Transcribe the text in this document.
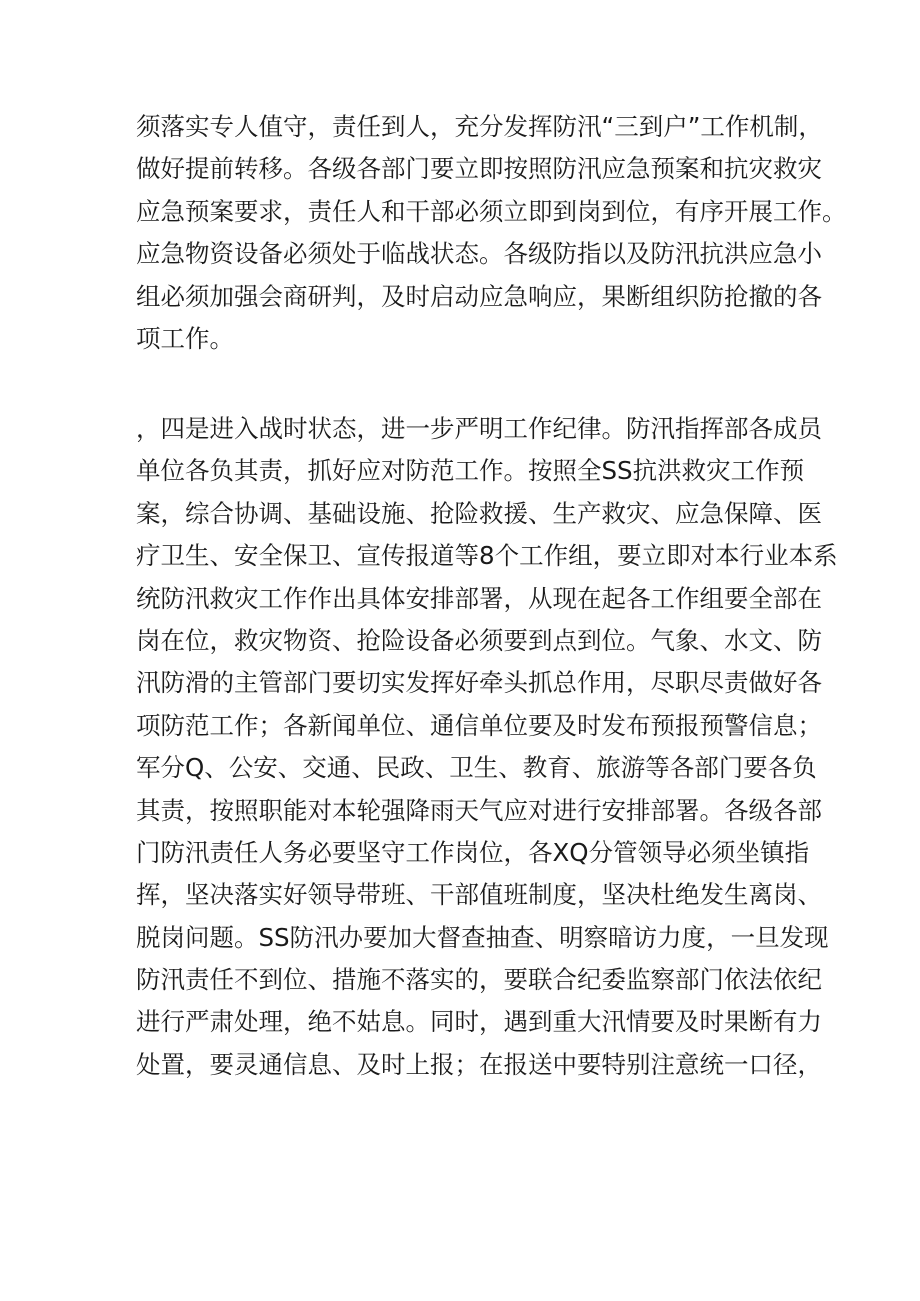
须落实专人值守，责任到人，充分发挥防汛“三到户”工作机制，
做好提前转移。各级各部门要立即按照防汛应急预案和抗灾救灾
应急预案要求，责任人和干部必须立即到岗到位，有序开展工作。
应急物资设备必须处于临战状态。各级防指以及防汛抗洪应急小
组必须加强会商研判，及时启动应急响应，果断组织防抢撤的各
项工作。

，四是进入战时状态，进一步严明工作纪律。防汛指挥部各成员
单位各负其责，抓好应对防范工作。按照全SS抗洪救灾工作预
案，综合协调、基础设施、抢险救援、生产救灾、应急保障、医
疗卫生、安全保卫、宣传报道等8个工作组，要立即对本行业本系
统防汛救灾工作作出具体安排部署，从现在起各工作组要全部在
岗在位，救灾物资、抢险设备必须要到点到位。气象、水文、防
汛防滑的主管部门要切实发挥好牵头抓总作用，尽职尽责做好各
项防范工作；各新闻单位、通信单位要及时发布预报预警信息；
军分Q、公安、交通、民政、卫生、教育、旅游等各部门要各负
其责，按照职能对本轮强降雨天气应对进行安排部署。各级各部
门防汛责任人务必要坚守工作岗位，各XQ分管领导必须坐镇指
挥，坚决落实好领导带班、干部值班制度，坚决杜绝发生离岗、
脱岗问题。SS防汛办要加大督查抽查、明察暗访力度，一旦发现
防汛责任不到位、措施不落实的，要联合纪委监察部门依法依纪
进行严肃处理，绝不姑息。同时，遇到重大汛情要及时果断有力
处置，要灵通信息、及时上报；在报送中要特别注意统一口径，
